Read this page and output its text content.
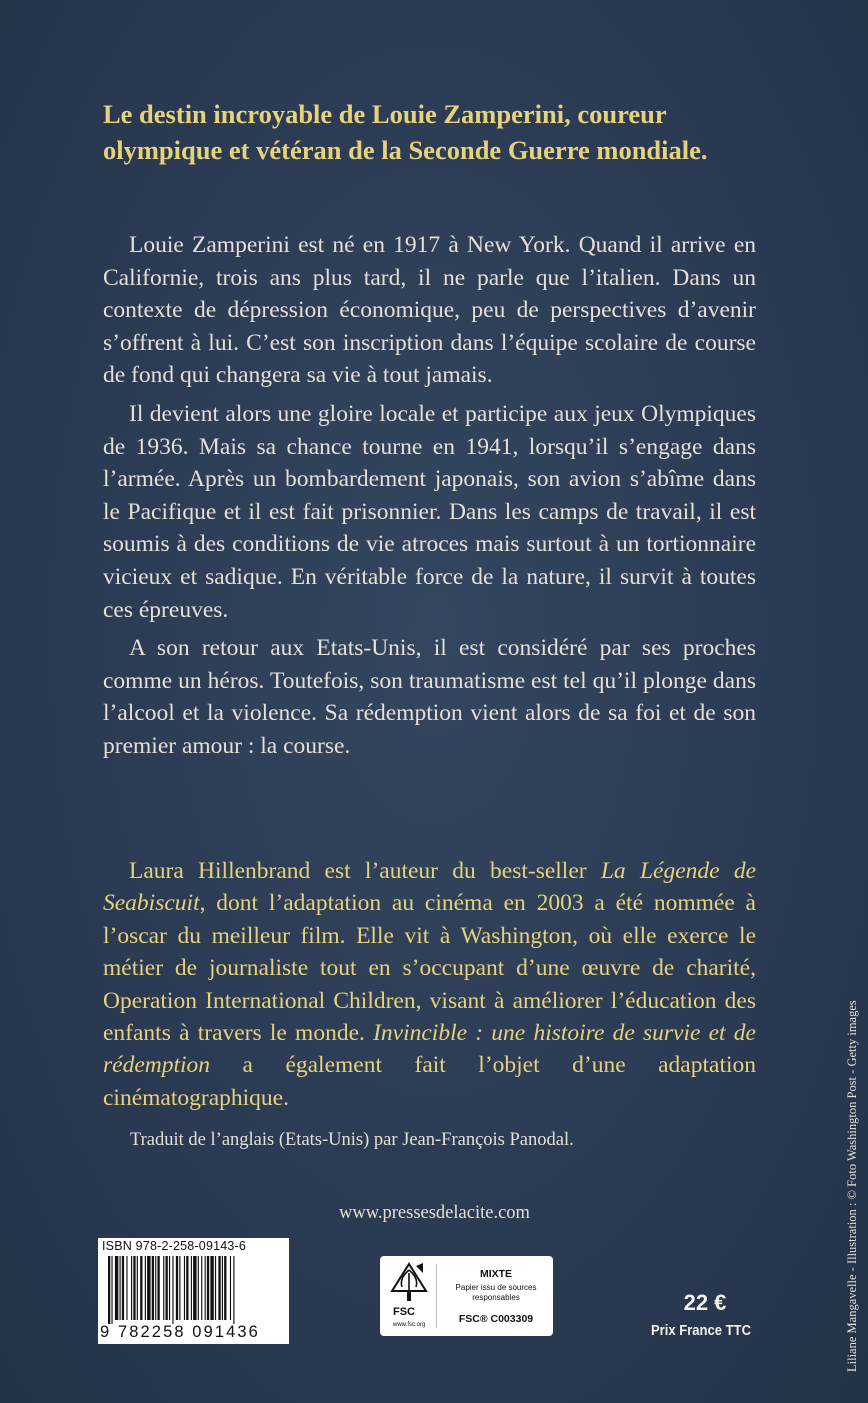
Le destin incroyable de Louie Zamperini, coureur olympique et vétéran de la Seconde Guerre mondiale.

Louie Zamperini est né en 1917 à New York. Quand il arrive en Californie, trois ans plus tard, il ne parle que l’italien. Dans un contexte de dépression économique, peu de perspectives d’avenir s’offrent à lui. C’est son inscription dans l’équipe scolaire de course de fond qui changera sa vie à tout jamais.

Il devient alors une gloire locale et participe aux jeux Olympiques de 1936. Mais sa chance tourne en 1941, lorsqu’il s’engage dans l’armée. Après un bombardement japonais, son avion s’abîme dans le Pacifique et il est fait prisonnier. Dans les camps de travail, il est soumis à des conditions de vie atroces mais surtout à un tortionnaire vicieux et sadique. En véritable force de la nature, il survit à toutes ces épreuves.

A son retour aux Etats-Unis, il est considéré par ses proches comme un héros. Toutefois, son traumatisme est tel qu’il plonge dans l’alcool et la violence. Sa rédemption vient alors de sa foi et de son premier amour : la course.

Laura Hillenbrand est l’auteur du best-seller La Légende de Seabiscuit, dont l’adaptation au cinéma en 2003 a été nommée à l’oscar du meilleur film. Elle vit à Washington, où elle exerce le métier de journaliste tout en s’occupant d’une œuvre de charité, Operation International Children, visant à améliorer l’éducation des enfants à travers le monde. Invincible : une histoire de survie et de rédemption a également fait l’objet d’une adaptation cinématographique.

Traduit de l’anglais (Etats-Unis) par Jean-François Panodal.

www.pressesdelacite.com

ISBN 978-2-258-09143-6
9 782258 091436
FSC
www.fsc.org
MIXTE
Papier issu de sources responsables
FSC® C003309

22 €

Prix France TTC	Liliane Mangavelle - Illustration : © Foto Washington Post - Getty images
